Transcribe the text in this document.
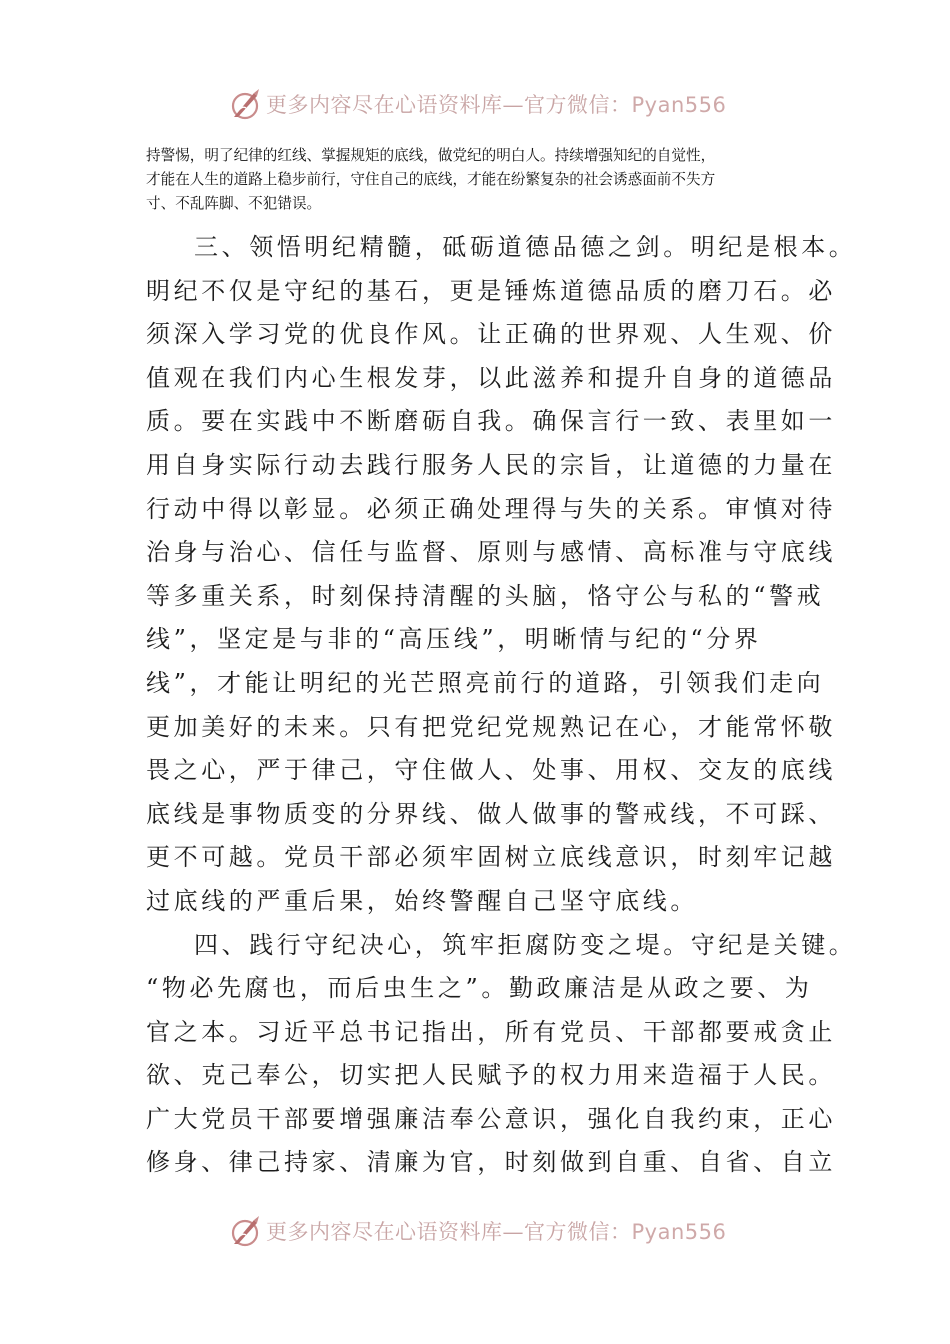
更多内容尽在心语资料库—官方微信：Pyan556
持警惕，明了纪律的红线、掌握规矩的底线，做党纪的明白人。持续增强知纪的自觉性，
才能在人生的道路上稳步前行，守住自己的底线，才能在纷繁复杂的社会诱惑面前不失方
寸、不乱阵脚、不犯错误。
三、领悟明纪精髓，砥砺道德品德之剑。明纪是根本。
明纪不仅是守纪的基石，更是锤炼道德品质的磨刀石。必
须深入学习党的优良作风。让正确的世界观、人生观、价
值观在我们内心生根发芽，以此滋养和提升自身的道德品
质。要在实践中不断磨砺自我。确保言行一致、表里如一
用自身实际行动去践行服务人民的宗旨，让道德的力量在
行动中得以彰显。必须正确处理得与失的关系。审慎对待
治身与治心、信任与监督、原则与感情、高标准与守底线
等多重关系，时刻保持清醒的头脑，恪守公与私的“警戒
线”，坚定是与非的“高压线”，明晰情与纪的“分界
线”，才能让明纪的光芒照亮前行的道路，引领我们走向
更加美好的未来。只有把党纪党规熟记在心，才能常怀敬
畏之心，严于律己，守住做人、处事、用权、交友的底线
底线是事物质变的分界线、做人做事的警戒线，不可踩、
更不可越。党员干部必须牢固树立底线意识，时刻牢记越
过底线的严重后果，始终警醒自己坚守底线。
四、践行守纪决心，筑牢拒腐防变之堤。守纪是关键。
“物必先腐也，而后虫生之”。勤政廉洁是从政之要、为
官之本。习近平总书记指出，所有党员、干部都要戒贪止
欲、克己奉公，切实把人民赋予的权力用来造福于人民。
广大党员干部要增强廉洁奉公意识，强化自我约束，正心
修身、律己持家、清廉为官，时刻做到自重、自省、自立
更多内容尽在心语资料库—官方微信：Pyan556
